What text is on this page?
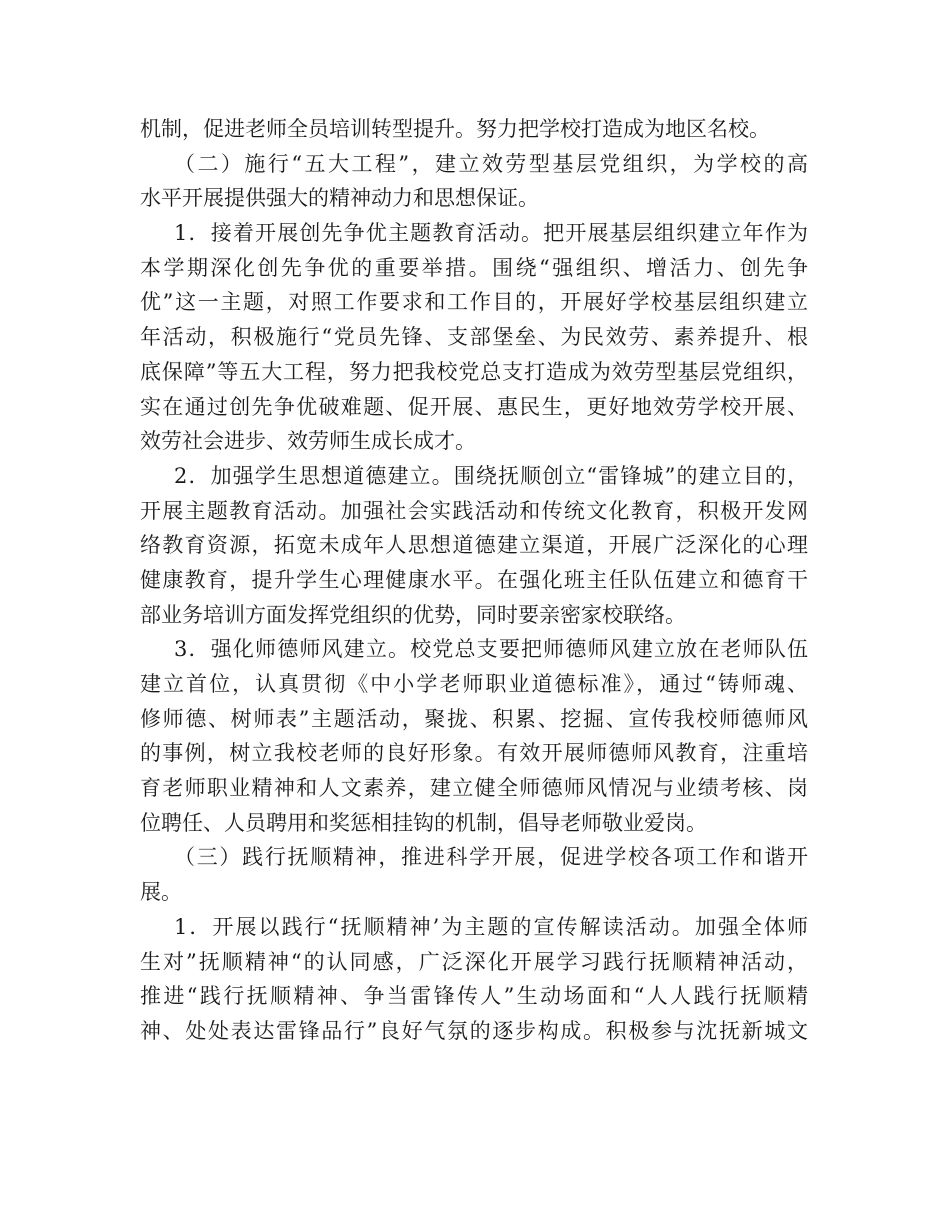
机制，促进老师全员培训转型提升。努力把学校打造成为地区名校。
（二）施行“五大工程”，建立效劳型基层党组织，为学校的高
水平开展提供强大的精神动力和思想保证。
1．接着开展创先争优主题教育活动。把开展基层组织建立年作为
本学期深化创先争优的重要举措。围绕“强组织、增活力、创先争
优”这一主题，对照工作要求和工作目的，开展好学校基层组织建立
年活动，积极施行“党员先锋、支部堡垒、为民效劳、素养提升、根
底保障”等五大工程，努力把我校党总支打造成为效劳型基层党组织，
实在通过创先争优破难题、促开展、惠民生，更好地效劳学校开展、
效劳社会进步、效劳师生成长成才。
2．加强学生思想道德建立。围绕抚顺创立“雷锋城”的建立目的，
开展主题教育活动。加强社会实践活动和传统文化教育，积极开发网
络教育资源，拓宽未成年人思想道德建立渠道，开展广泛深化的心理
健康教育，提升学生心理健康水平。在强化班主任队伍建立和德育干
部业务培训方面发挥党组织的优势，同时要亲密家校联络。
3．强化师德师风建立。校党总支要把师德师风建立放在老师队伍
建立首位，认真贯彻《中小学老师职业道德标准》，通过“铸师魂、
修师德、树师表”主题活动，聚拢、积累、挖掘、宣传我校师德师风
的事例，树立我校老师的良好形象。有效开展师德师风教育，注重培
育老师职业精神和人文素养，建立健全师德师风情况与业绩考核、岗
位聘任、人员聘用和奖惩相挂钩的机制，倡导老师敬业爱岗。
（三）践行抚顺精神，推进科学开展，促进学校各项工作和谐开
展。
1．开展以践行“抚顺精神’为主题的宣传解读活动。加强全体师
生对”抚顺精神“的认同感，广泛深化开展学习践行抚顺精神活动，
推进“践行抚顺精神、争当雷锋传人”生动场面和“人人践行抚顺精
神、处处表达雷锋品行”良好气氛的逐步构成。积极参与沈抚新城文
